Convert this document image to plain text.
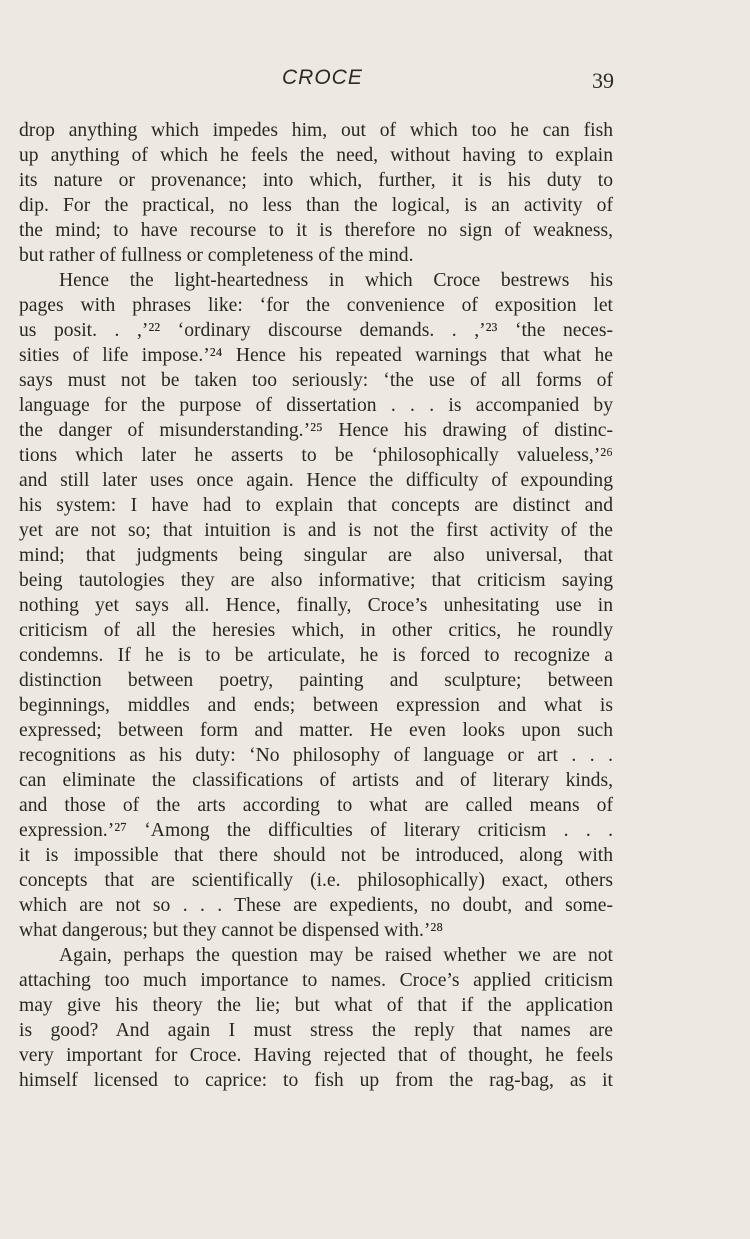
CROCE	39
drop anything which impedes him, out of which too he can fish
up anything of which he feels the need, without having to explain
its nature or provenance; into which, further, it is his duty to
dip. For the practical, no less than the logical, is an activity of
the mind; to have recourse to it is therefore no sign of weakness,
but rather of fullness or completeness of the mind.
Hence the light-heartedness in which Croce bestrews his
pages with phrases like: ‘for the convenience of exposition let
us posit. . ,’²² ‘ordinary discourse demands. . ,’²³ ‘the neces-
sities of life impose.’²⁴ Hence his repeated warnings that what he
says must not be taken too seriously: ‘the use of all forms of
language for the purpose of dissertation . . . is accompanied by
the danger of misunderstanding.’²⁵ Hence his drawing of distinc-
tions which later he asserts to be ‘philosophically valueless,’²⁶
and still later uses once again. Hence the difficulty of expounding
his system: I have had to explain that concepts are distinct and
yet are not so; that intuition is and is not the first activity of the
mind; that judgments being singular are also universal, that
being tautologies they are also informative; that criticism saying
nothing yet says all. Hence, finally, Croce’s unhesitating use in
criticism of all the heresies which, in other critics, he roundly
condemns. If he is to be articulate, he is forced to recognize a
distinction between poetry, painting and sculpture; between
beginnings, middles and ends; between expression and what is
expressed; between form and matter. He even looks upon such
recognitions as his duty: ‘No philosophy of language or art . . .
can eliminate the classifications of artists and of literary kinds,
and those of the arts according to what are called means of
expression.’²⁷ ‘Among the difficulties of literary criticism . . .
it is impossible that there should not be introduced, along with
concepts that are scientifically (i.e. philosophically) exact, others
which are not so . . . These are expedients, no doubt, and some-
what dangerous; but they cannot be dispensed with.’²⁸
Again, perhaps the question may be raised whether we are not
attaching too much importance to names. Croce’s applied criticism
may give his theory the lie; but what of that if the application
is good? And again I must stress the reply that names are
very important for Croce. Having rejected that of thought, he feels
himself licensed to caprice: to fish up from the rag-bag, as it
